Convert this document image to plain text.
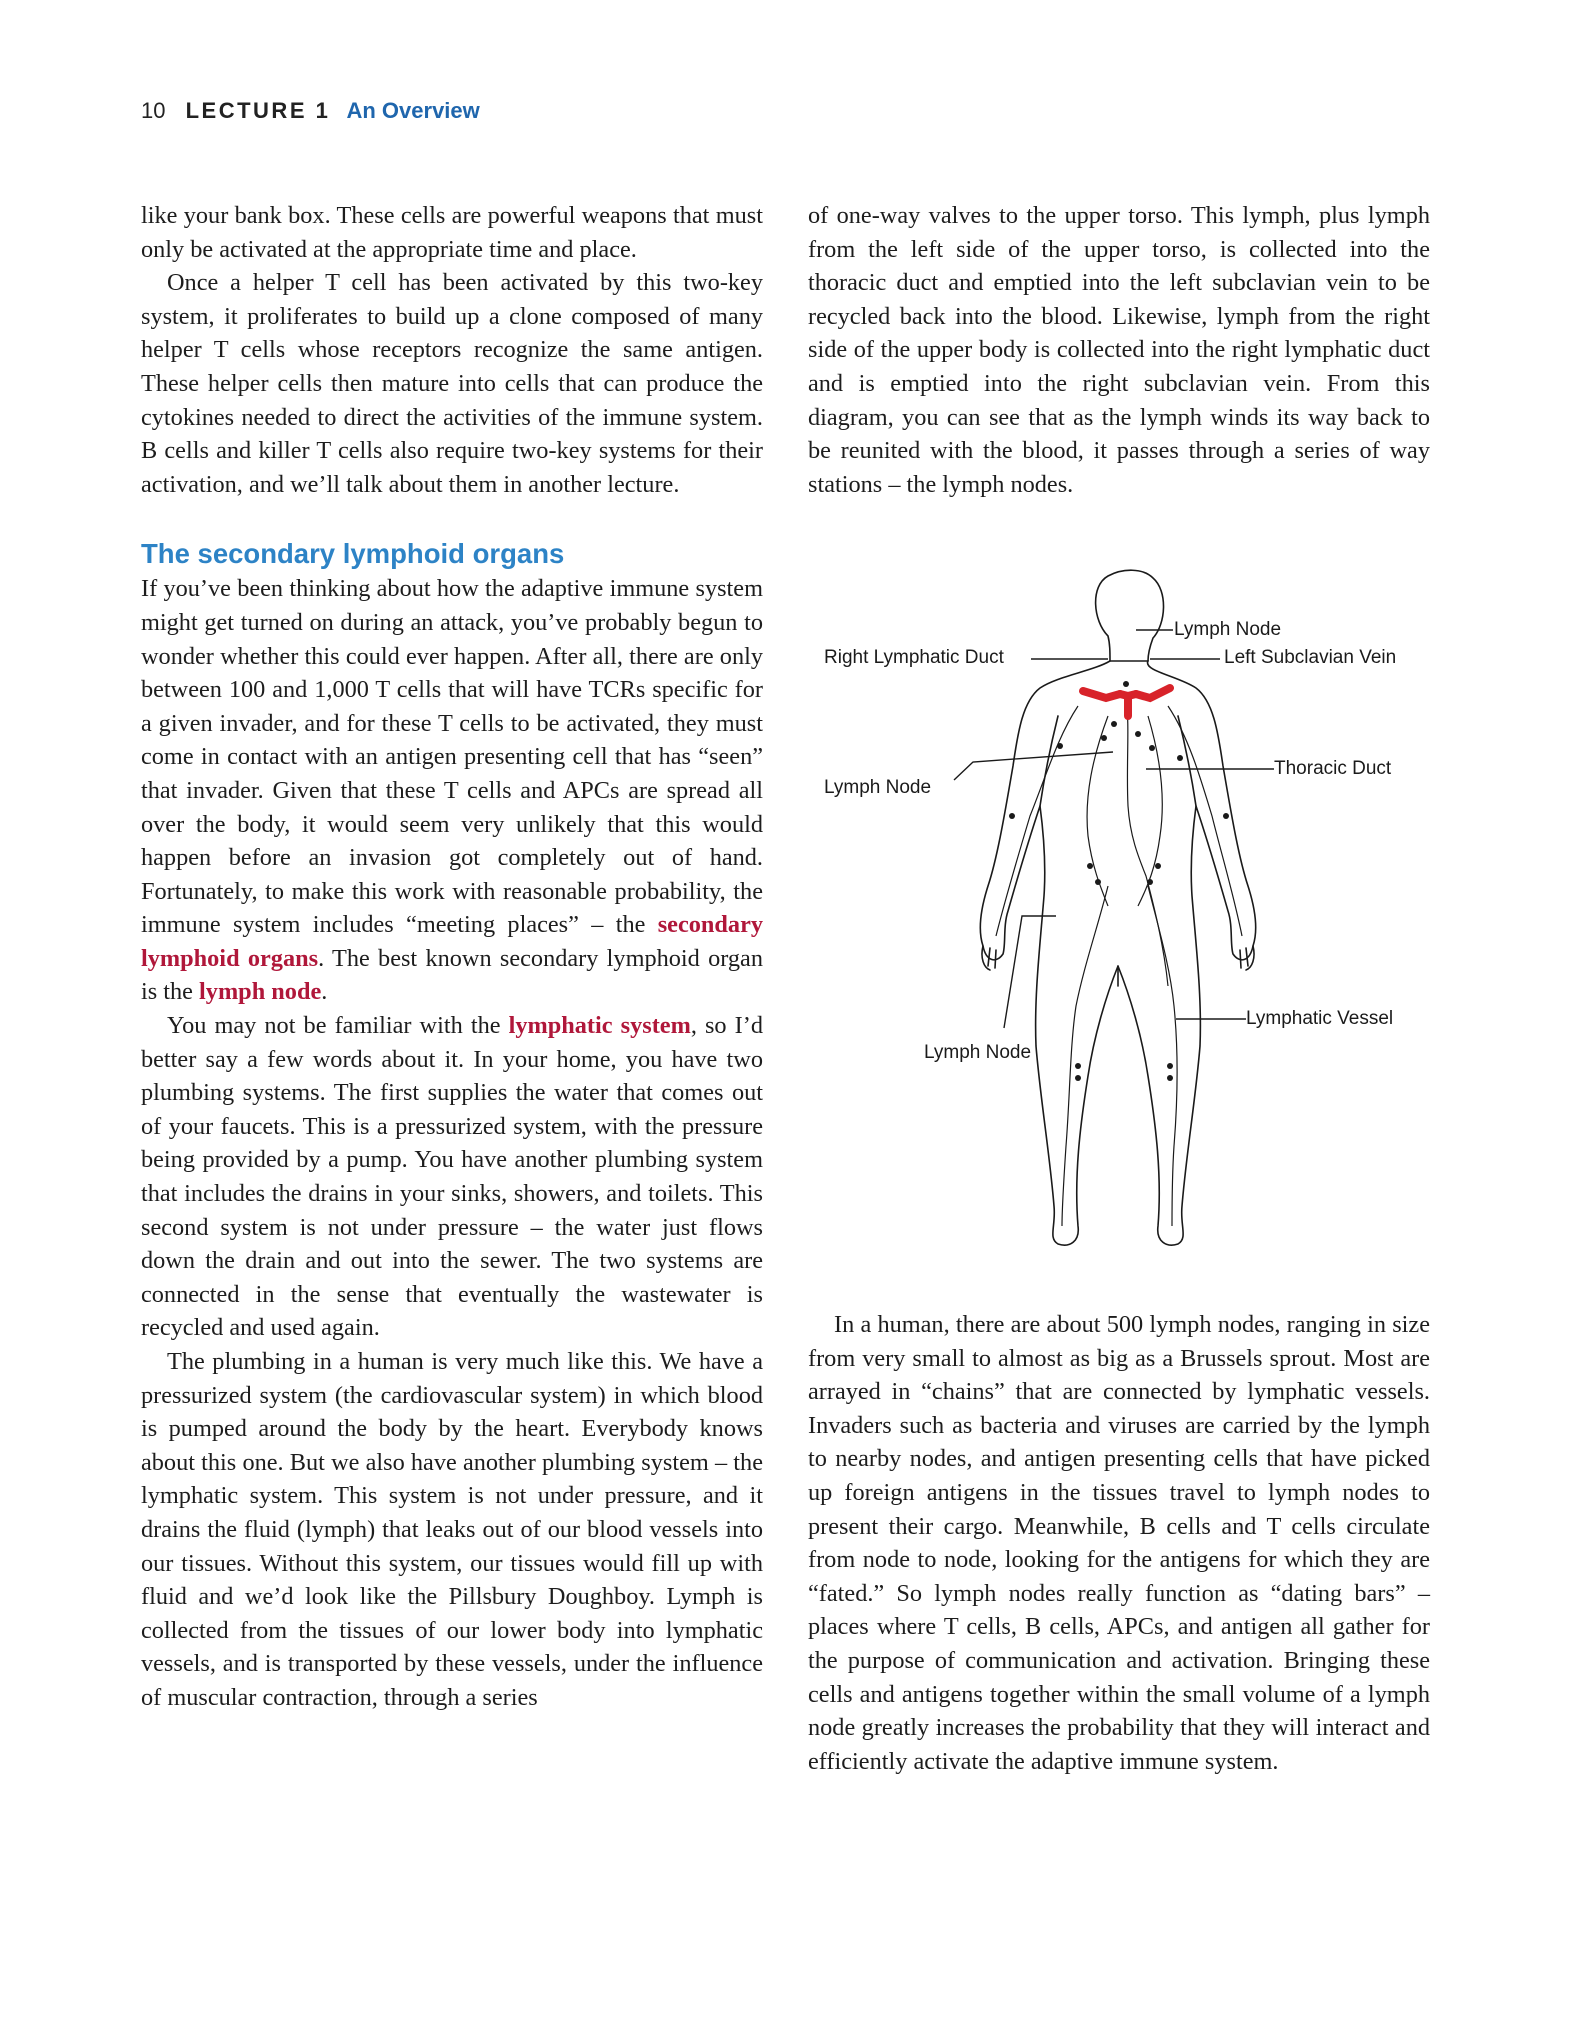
10 LECTURE 1 An Overview

like your bank box. These cells are powerful weapons that must only be activated at the appropriate time and place.

Once a helper T cell has been activated by this two-key system, it proliferates to build up a clone composed of many helper T cells whose receptors recognize the same antigen. These helper cells then mature into cells that can produce the cytokines needed to direct the activities of the immune system. B cells and killer T cells also require two-key systems for their activation, and we’ll talk about them in another lecture.

The secondary lymphoid organs

If you’ve been thinking about how the adaptive immune system might get turned on during an attack, you’ve probably begun to wonder whether this could ever happen. After all, there are only between 100 and 1,000 T cells that will have TCRs specific for a given invader, and for these T cells to be activated, they must come in contact with an antigen presenting cell that has “seen” that invader. Given that these T cells and APCs are spread all over the body, it would seem very unlikely that this would happen before an invasion got completely out of hand. Fortunately, to make this work with reasonable probability, the immune system includes “meeting places” – the secondary lymphoid organs. The best known secondary lymphoid organ is the lymph node.

You may not be familiar with the lymphatic system, so I’d better say a few words about it. In your home, you have two plumbing systems. The first supplies the water that comes out of your faucets. This is a pressurized system, with the pressure being provided by a pump. You have another plumbing system that includes the drains in your sinks, showers, and toilets. This second system is not under pressure – the water just flows down the drain and out into the sewer. The two systems are connected in the sense that eventually the wastewater is recycled and used again.

The plumbing in a human is very much like this. We have a pressurized system (the cardiovascular system) in which blood is pumped around the body by the heart. Everybody knows about this one. But we also have another plumbing system – the lymphatic system. This system is not under pressure, and it drains the fluid (lymph) that leaks out of our blood vessels into our tissues. Without this system, our tissues would fill up with fluid and we’d look like the Pillsbury Doughboy. Lymph is collected from the tissues of our lower body into lymphatic vessels, and is transported by these vessels, under the influence of muscular contraction, through a series

of one-way valves to the upper torso. This lymph, plus lymph from the left side of the upper torso, is collected into the thoracic duct and emptied into the left subclavian vein to be recycled back into the blood. Likewise, lymph from the right side of the upper body is collected into the right lymphatic duct and is emptied into the right subclavian vein. From this diagram, you can see that as the lymph winds its way back to be reunited with the blood, it passes through a series of way stations – the lymph nodes.

In a human, there are about 500 lymph nodes, ranging in size from very small to almost as big as a Brussels sprout. Most are arrayed in “chains” that are connected by lymphatic vessels. Invaders such as bacteria and viruses are carried by the lymph to nearby nodes, and antigen presenting cells that have picked up foreign antigens in the tissues travel to lymph nodes to present their cargo. Meanwhile, B cells and T cells circulate from node to node, looking for the antigens for which they are “fated.” So lymph nodes really function as “dating bars” – places where T cells, B cells, APCs, and antigen all gather for the purpose of communication and activation. Bringing these cells and antigens together within the small volume of a lymph node greatly increases the probability that they will interact and efficiently activate the adaptive immune system.

Lymph Node
Right Lymphatic Duct	Left Subclavian Vein
Thoracic Duct
Lymph Node
Lymphatic Vessel
Lymph Node
